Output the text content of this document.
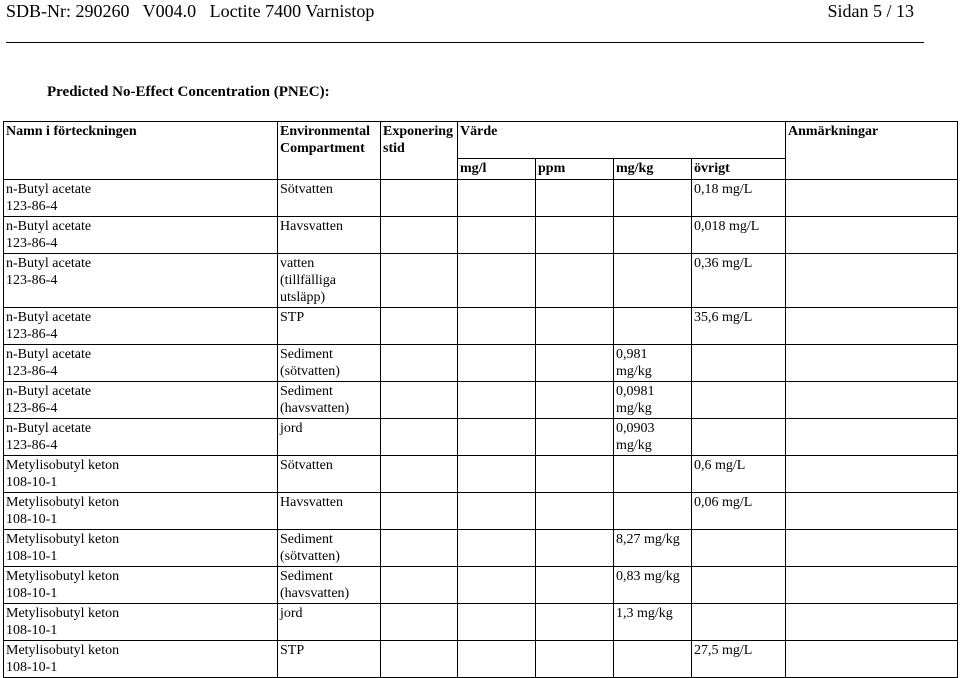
SDB-Nr: 290260   V004.0   Loctite 7400 Varnistop	Sidan 5 / 13
Predicted No-Effect Concentration (PNEC):
Namn i förteckningen	Environmental Compartment	Exponeringstid	Värde				Anmärkningar
			mg/l	ppm	mg/kg	övrigt	
n-Butyl acetate
123-86-4	Sötvatten					0,18 mg/L	
n-Butyl acetate
123-86-4	Havsvatten					0,018 mg/L	
n-Butyl acetate
123-86-4	vatten
(tillfälliga
utsläpp)					0,36 mg/L	
n-Butyl acetate
123-86-4	STP					35,6 mg/L	
n-Butyl acetate
123-86-4	Sediment
(sötvatten)				0,981
mg/kg		
n-Butyl acetate
123-86-4	Sediment
(havsvatten)				0,0981
mg/kg		
n-Butyl acetate
123-86-4	jord				0,0903
mg/kg		
Metylisobutyl keton
108-10-1	Sötvatten					0,6 mg/L	
Metylisobutyl keton
108-10-1	Havsvatten					0,06 mg/L	
Metylisobutyl keton
108-10-1	Sediment
(sötvatten)				8,27 mg/kg		
Metylisobutyl keton
108-10-1	Sediment
(havsvatten)				0,83 mg/kg		
Metylisobutyl keton
108-10-1	jord				1,3 mg/kg		
Metylisobutyl keton
108-10-1	STP					27,5 mg/L	
